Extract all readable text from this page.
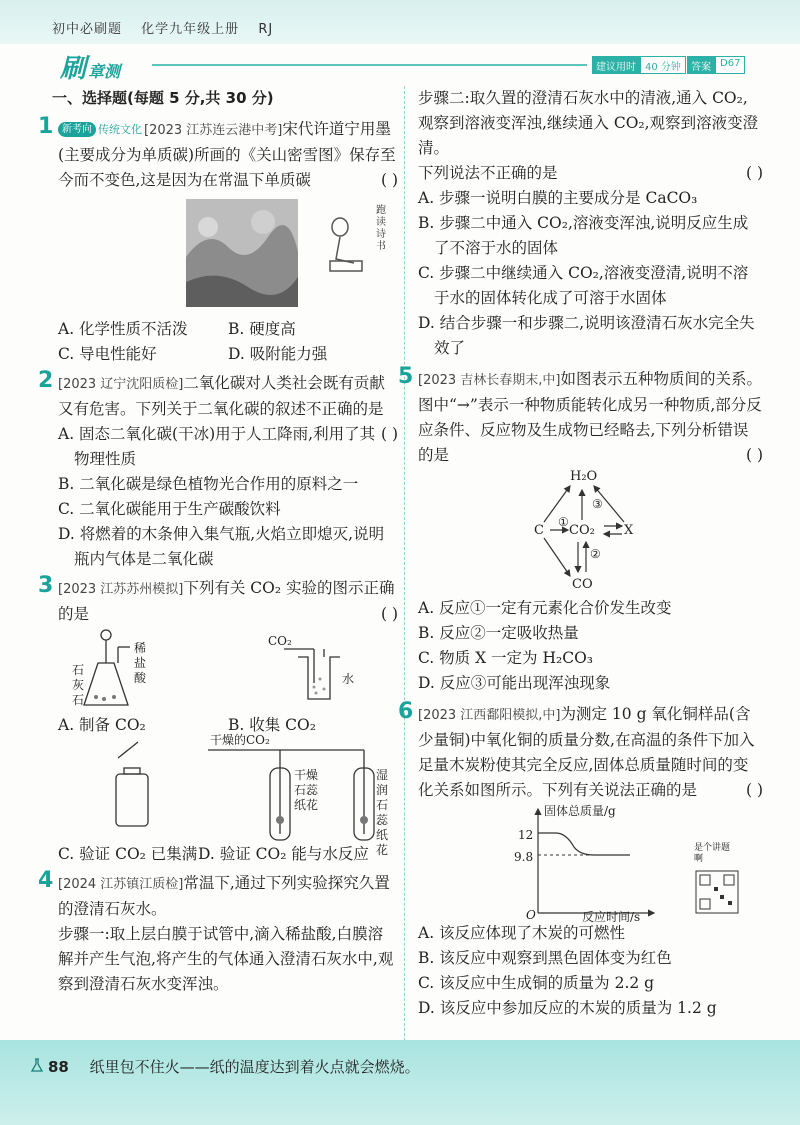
初中必刷题 化学九年级上册 RJ
刷章测	建议用时 40 分钟	答案 D67
一、选择题(每题 5 分,共 30 分)
1 新考向 传统文化 [2023 江苏连云港中考]宋代许道宁用墨(主要成分为单质碳)所画的《关山密雪图》保存至今而不变色,这是因为在常温下单质碳	( )
跑读诗书
A. 化学性质不活泼	B. 硬度高
C. 导电性能好	D. 吸附能力强
2 [2023 辽宁沈阳质检]二氧化碳对人类社会既有贡献又有危害。下列关于二氧化碳的叙述不正确的是
( )
A. 固态二氧化碳(干冰)用于人工降雨,利用了其物理性质
B. 二氧化碳是绿色植物光合作用的原料之一
C. 二氧化碳能用于生产碳酸饮料
D. 将燃着的木条伸入集气瓶,火焰立即熄灭,说明瓶内气体是二氧化碳
3 [2023 江苏苏州模拟]下列有关 CO₂ 实验的图示正确的是	( )
石
灰
石
稀
盐
酸
CO₂
水
A. 制备 CO₂	B. 收集 CO₂
干燥的CO₂
干燥
石蕊
纸花
湿润
石蕊
纸花
C. 验证 CO₂ 已集满 D. 验证 CO₂ 能与水反应
4 [2024 江苏镇江质检]常温下,通过下列实验探究久置的澄清石灰水。
步骤一:取上层白膜于试管中,滴入稀盐酸,白膜溶解并产生气泡,将产生的气体通入澄清石灰水中,观察到澄清石灰水变浑浊。
步骤二:取久置的澄清石灰水中的清液,通入 CO₂,观察到溶液变浑浊,继续通入 CO₂,观察到溶液变澄清。
下列说法不正确的是	( )
A. 步骤一说明白膜的主要成分是 CaCO₃
B. 步骤二中通入 CO₂,溶液变浑浊,说明反应生成了不溶于水的固体
C. 步骤二中继续通入 CO₂,溶液变澄清,说明不溶于水的固体转化成了可溶于水固体
D. 结合步骤一和步骤二,说明该澄清石灰水完全失效了
5 [2023 吉林长春期末,中]如图表示五种物质间的关系。图中“→”表示一种物质能转化成另一种物质,部分反应条件、反应物及生成物已经略去,下列分析错误的是	( )
H₂O
C CO₂ X
CO
①
②
③
A. 反应①一定有元素化合价发生改变
B. 反应②一定吸收热量
C. 物质 X 一定为 H₂CO₃
D. 反应③可能出现浑浊现象
6 [2023 江西鄱阳模拟,中]为测定 10 g 氧化铜样品(含少量铜)中氧化铜的质量分数,在高温的条件下加入足量木炭粉使其完全反应,固体总质量随时间的变化关系如图所示。下列有关说法正确的是	( )
固体总质量/g
反应时间/s
O
12
9.8
是个讲题啊
A. 该反应体现了木炭的可燃性
B. 该反应中观察到黑色固体变为红色
C. 该反应中生成铜的质量为 2.2 g
D. 该反应中参加反应的木炭的质量为 1.2 g
88 纸里包不住火——纸的温度达到着火点就会燃烧。
